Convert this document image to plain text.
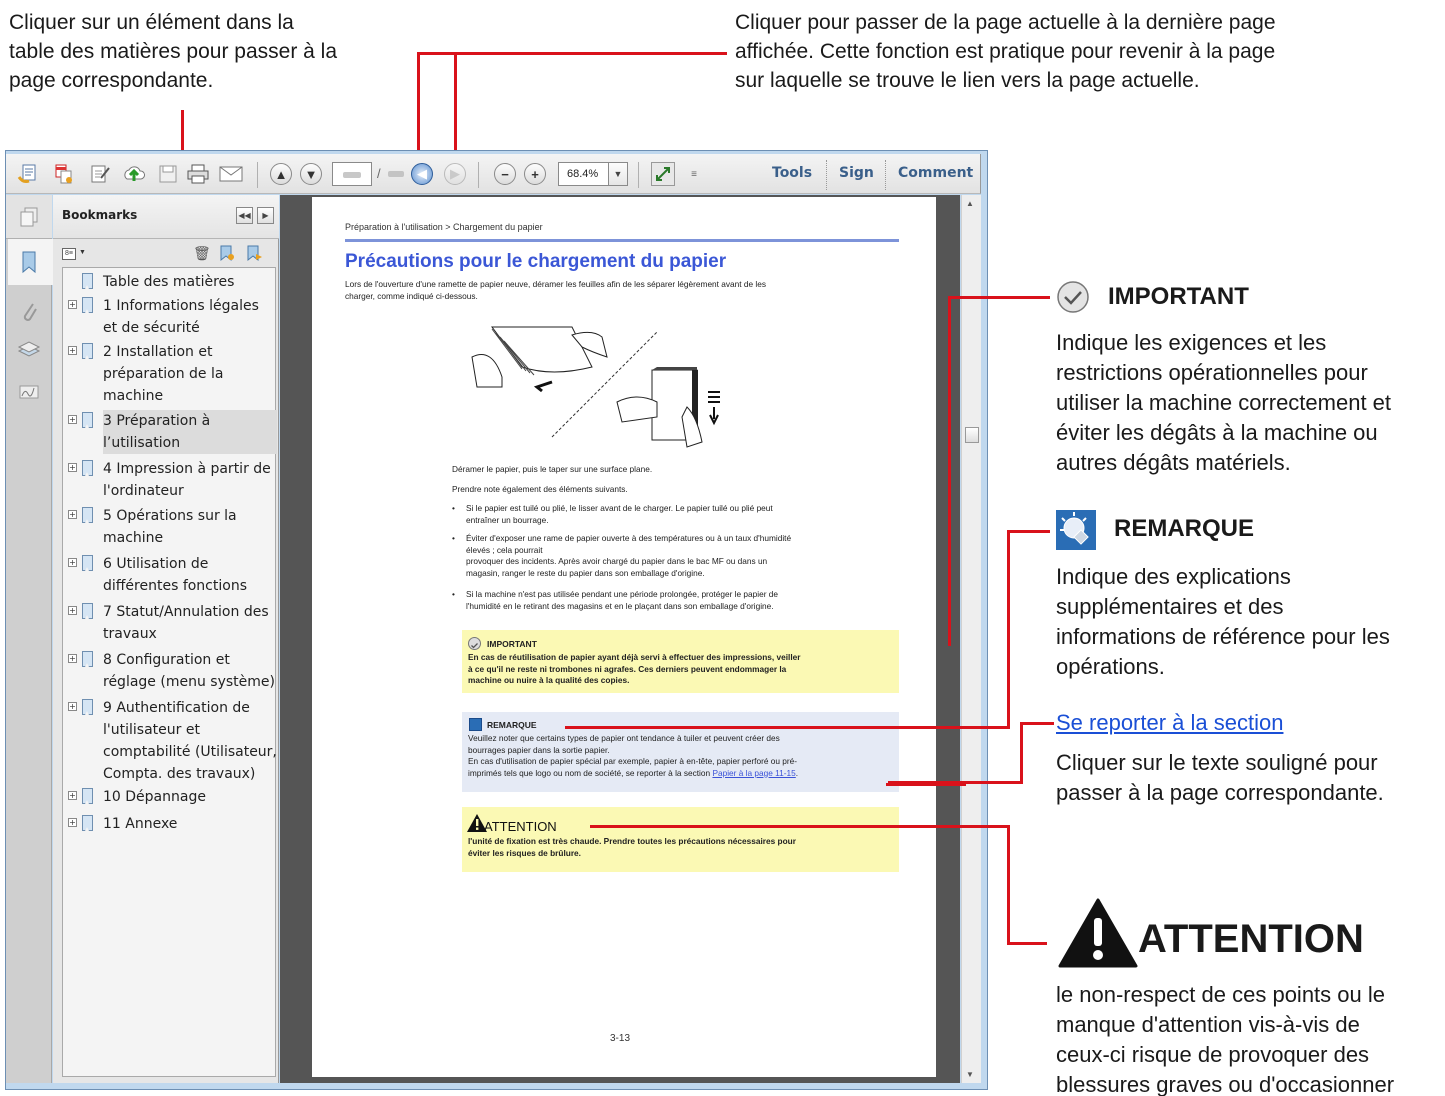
Cliquer sur un élément dans la
table des matières pour passer à la
page correspondante.
Cliquer pour passer de la page actuelle à la dernière page
affichée. Cette fonction est pratique pour revenir à la page
sur laquelle se trouve le lien vers la page actuelle.
▲ ▼	/	◀ ▶	− +	68.4%	▼	≡	Tools Sign Comment
Bookmarks	◀◀	▶
8≡ ▼	🗑
Table des matières
+ 1 Informations légales et de sécurité
+ 2 Installation et préparation de la machine
+ 3 Préparation à l’utilisation
+ 4 Impression à partir de l'ordinateur
+ 5 Opérations sur la machine
+ 6 Utilisation de différentes fonctions
+ 7 Statut/Annulation des travaux
+ 8 Configuration et réglage (menu système)
+ 9 Authentification de l'utilisateur et comptabilité (Utilisateur, Compta. des travaux)
+ 10 Dépannage
+ 11 Annexe
Préparation à l'utilisation > Chargement du papier
Précautions pour le chargement du papier
Lors de l'ouverture d'une ramette de papier neuve, déramer les feuilles afin de les séparer légèrement avant de les
charger, comme indiqué ci-dessous.
Déramer le papier, puis le taper sur une surface plane.
Prendre note également des éléments suivants.
• Si le papier est tuilé ou plié, le lisser avant de le charger. Le papier tuilé ou plié peut
entraîner un bourrage.
• Éviter d'exposer une rame de papier ouverte à des températures ou à un taux d'humidité
élevés ; cela pourrait
provoquer des incidents. Après avoir chargé du papier dans le bac MF ou dans un
magasin, ranger le reste du papier dans son emballage d'origine.
• Si la machine n'est pas utilisée pendant une période prolongée, protéger le papier de
l'humidité en le retirant des magasins et en le plaçant dans son emballage d'origine.
IMPORTANT
En cas de réutilisation de papier ayant déjà servi à effectuer des impressions, veiller
à ce qu'il ne reste ni trombones ni agrafes. Ces derniers peuvent endommager la
machine ou nuire à la qualité des copies.
REMARQUE
Veuillez noter que certains types de papier ont tendance à tuiler et peuvent créer des
bourrages papier dans la sortie papier.
En cas d'utilisation de papier spécial par exemple, papier à en-tête, papier perforé ou pré-
imprimés tels que logo ou nom de société, se reporter à la section Papier à la page 11-15.
ATTENTION
l'unité de fixation est très chaude. Prendre toutes les précautions nécessaires pour
éviter les risques de brûlure.
3-13
▲
▼
IMPORTANT
Indique les exigences et les
restrictions opérationnelles pour
utiliser la machine correctement et
éviter les dégâts à la machine ou
autres dégâts matériels.
REMARQUE
Indique des explications
supplémentaires et des
informations de référence pour les
opérations.
Se reporter à la section
Cliquer sur le texte souligné pour
passer à la page correspondante.
ATTENTION
le non-respect de ces points ou le
manque d'attention vis-à-vis de
ceux-ci risque de provoquer des
blessures graves ou d'occasionner
